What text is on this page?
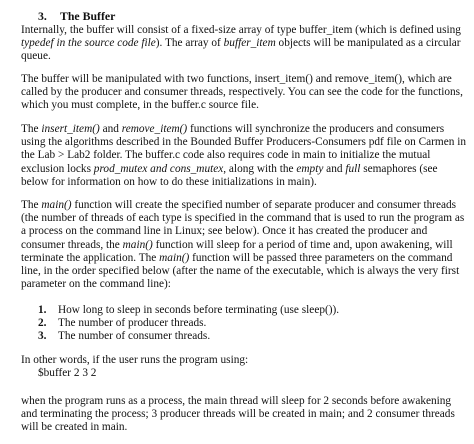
3. The Buffer

Internally, the buffer will consist of a fixed-size array of type buffer_item (which is defined using typedef in the source code file). The array of buffer_item objects will be manipulated as a circular queue.

The buffer will be manipulated with two functions, insert_item() and remove_item(), which are called by the producer and consumer threads, respectively. You can see the code for the functions, which you must complete, in the buffer.c source file.

The insert_item() and remove_item() functions will synchronize the producers and consumers using the algorithms described in the Bounded Buffer Producers-Consumers pdf file on Carmen in the Lab > Lab2 folder. The buffer.c code also requires code in main to initialize the mutual exclusion locks prod_mutex and cons_mutex, along with the empty and full semaphores (see below for information on how to do these initializations in main).

The main() function will create the specified number of separate producer and consumer threads (the number of threads of each type is specified in the command that is used to run the program as a process on the command line in Linux; see below). Once it has created the producer and consumer threads, the main() function will sleep for a period of time and, upon awakening, will terminate the application. The main() function will be passed three parameters on the command line, in the order specified below (after the name of the executable, which is always the very first parameter on the command line):

1.	How long to sleep in seconds before terminating (use sleep()).
2.	The number of producer threads.
3.	The number of consumer threads.
In other words, if the user runs the program using:
$buffer 2 3 2
when the program runs as a process, the main thread will sleep for 2 seconds before awakening and terminating the process; 3 producer threads will be created in main; and 2 consumer threads will be created in main.
